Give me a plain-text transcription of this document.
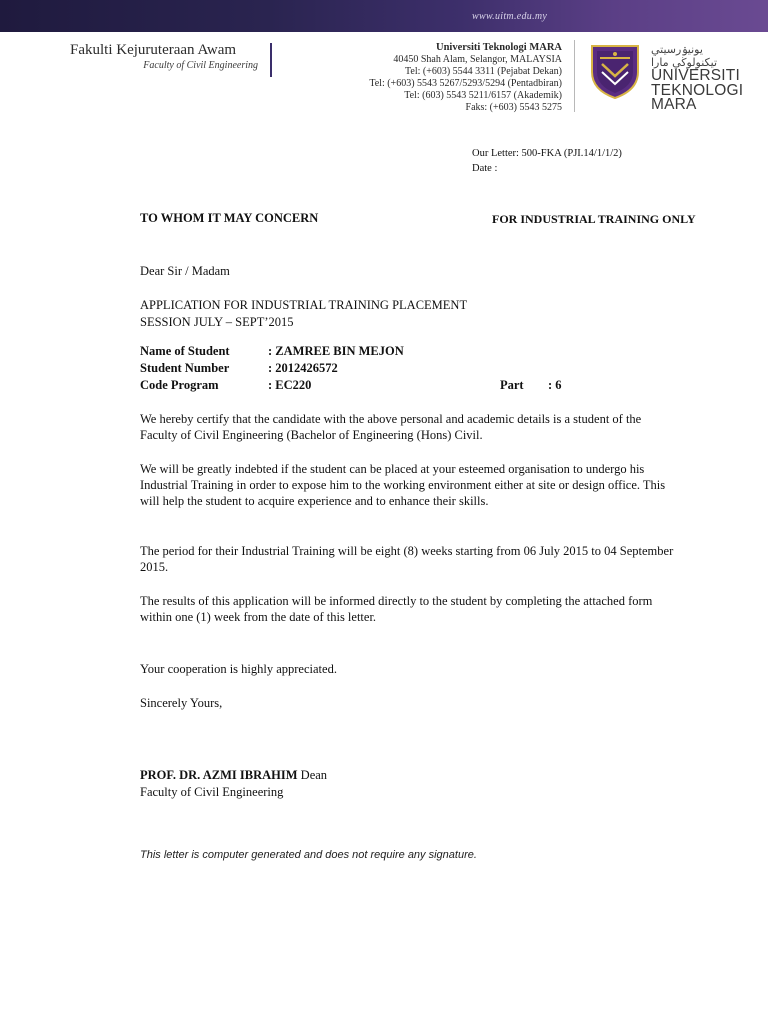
www.uitm.edu.my
Fakulti Kejuruteraan Awam
Faculty of Civil Engineering
Universiti Teknologi MARA
40450 Shah Alam, Selangor, MALAYSIA
Tel: (+603) 5544 3311 (Pejabat Dekan)
Tel: (+603) 5543 5267/5293/5294 (Pentadbiran)
Tel: (603) 5543 5211/6157 (Akademik)
Faks: (+603) 5543 5275
يونيۏرسيتي تيكنولوڬي مارا
UNIVERSITI
TEKNOLOGI
MARA
Our Letter: 500-FKA (PJI.14/1/1/2)
Date :
TO WHOM IT MAY CONCERN	FOR INDUSTRIAL TRAINING ONLY
Dear Sir / Madam
APPLICATION FOR INDUSTRIAL TRAINING PLACEMENT
SESSION JULY – SEPT’2015
Name of Student	: ZAMREE BIN MEJON
Student Number	: 2012426572
Code Program	: EC220	Part : 6
We hereby certify that the candidate with the above personal and academic details is a student of the Faculty of Civil Engineering (Bachelor of Engineering (Hons) Civil.
We will be greatly indebted if the student can be placed at your esteemed organisation to undergo his Industrial Training in order to expose him to the working environment either at site or design office. This will help the student to acquire experience and to enhance their skills.
The period for their Industrial Training will be eight (8) weeks starting from 06 July 2015 to 04 September 2015.
The results of this application will be informed directly to the student by completing the attached form within one (1) week from the date of this letter.
Your cooperation is highly appreciated.
Sincerely Yours,
PROF. DR. AZMI IBRAHIM Dean
Faculty of Civil Engineering
This letter is computer generated and does not require any signature.
